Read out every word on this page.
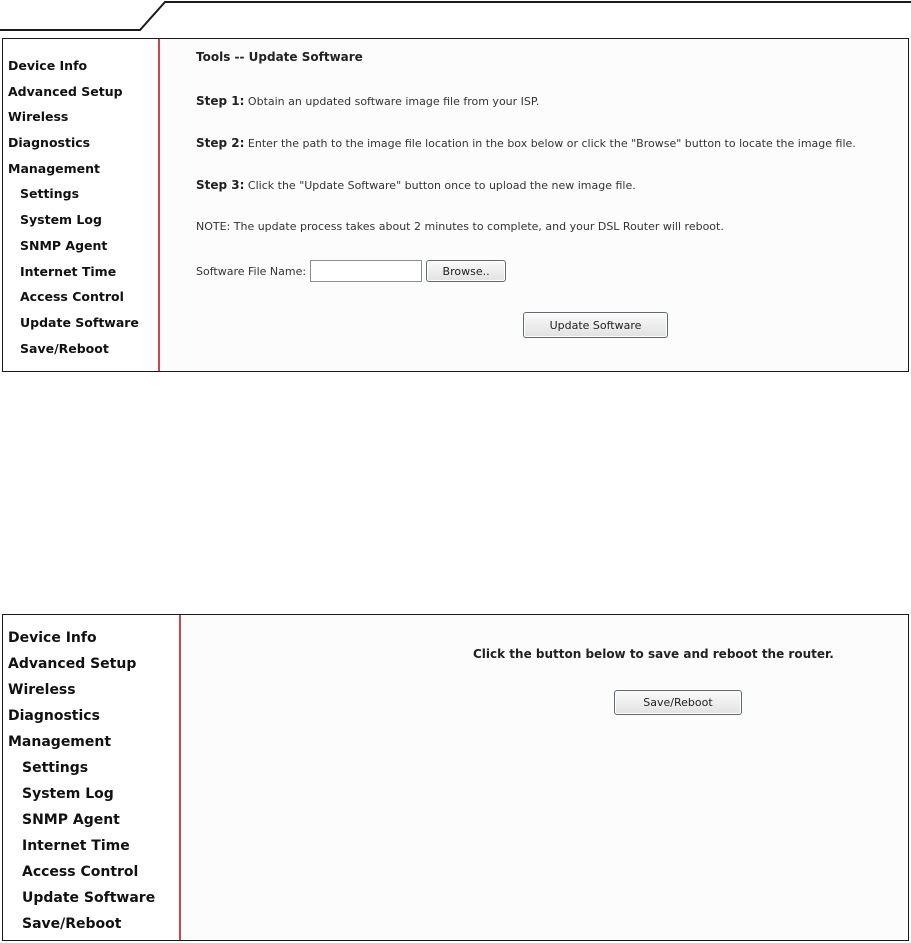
Device Info
Advanced Setup
Wireless
Diagnostics
Management
Settings
System Log
SNMP Agent
Internet Time
Access Control
Update Software
Save/Reboot
Tools -- Update Software
Step 1: Obtain an updated software image file from your ISP.
Step 2: Enter the path to the image file location in the box below or click the "Browse" button to locate the image file.
Step 3: Click the "Update Software" button once to upload the new image file.
NOTE: The update process takes about 2 minutes to complete, and your DSL Router will reboot.
Software File Name:	Browse..
Update Software
Device Info
Advanced Setup
Wireless
Diagnostics
Management
Settings
System Log
SNMP Agent
Internet Time
Access Control
Update Software
Save/Reboot
Click the button below to save and reboot the router.
Save/Reboot
